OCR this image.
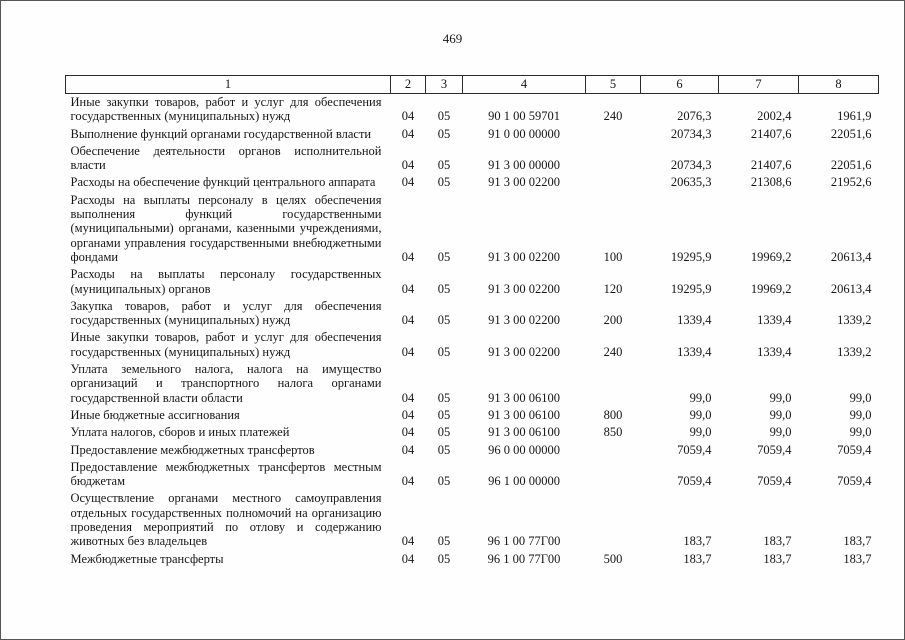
469
1	2	3	4	5	6	7	8
Иные закупки товаров, работ и услуг для обеспечения государственных (муниципальных) нужд	04	05	90 1 00 59701	240	2076,3	2002,4	1961,9
Выполнение функций органами государственной власти	04	05	91 0 00 00000		20734,3	21407,6	22051,6
Обеспечение деятельности органов исполнительной власти	04	05	91 3 00 00000		20734,3	21407,6	22051,6
Расходы на обеспечение функций центрального аппарата	04	05	91 3 00 02200		20635,3	21308,6	21952,6
Расходы на выплаты персоналу в целях обеспечения выполнения функций государственными (муниципальными) органами, казенными учреждениями, органами управления государственными внебюджетными фондами	04	05	91 3 00 02200	100	19295,9	19969,2	20613,4
Расходы на выплаты персоналу государственных (муниципальных) органов	04	05	91 3 00 02200	120	19295,9	19969,2	20613,4
Закупка товаров, работ и услуг для обеспечения государственных (муниципальных) нужд	04	05	91 3 00 02200	200	1339,4	1339,4	1339,2
Иные закупки товаров, работ и услуг для обеспечения государственных (муниципальных) нужд	04	05	91 3 00 02200	240	1339,4	1339,4	1339,2
Уплата земельного налога, налога на имущество организаций и транспортного налога органами государственной власти области	04	05	91 3 00 06100		99,0	99,0	99,0
Иные бюджетные ассигнования	04	05	91 3 00 06100	800	99,0	99,0	99,0
Уплата налогов, сборов и иных платежей	04	05	91 3 00 06100	850	99,0	99,0	99,0
Предоставление межбюджетных трансфертов	04	05	96 0 00 00000		7059,4	7059,4	7059,4
Предоставление межбюджетных трансфертов местным бюджетам	04	05	96 1 00 00000		7059,4	7059,4	7059,4
Осуществление органами местного самоуправления отдельных государственных полномочий на организацию проведения мероприятий по отлову и содержанию животных без владельцев	04	05	96 1 00 77Г00		183,7	183,7	183,7
Межбюджетные трансферты	04	05	96 1 00 77Г00	500	183,7	183,7	183,7
